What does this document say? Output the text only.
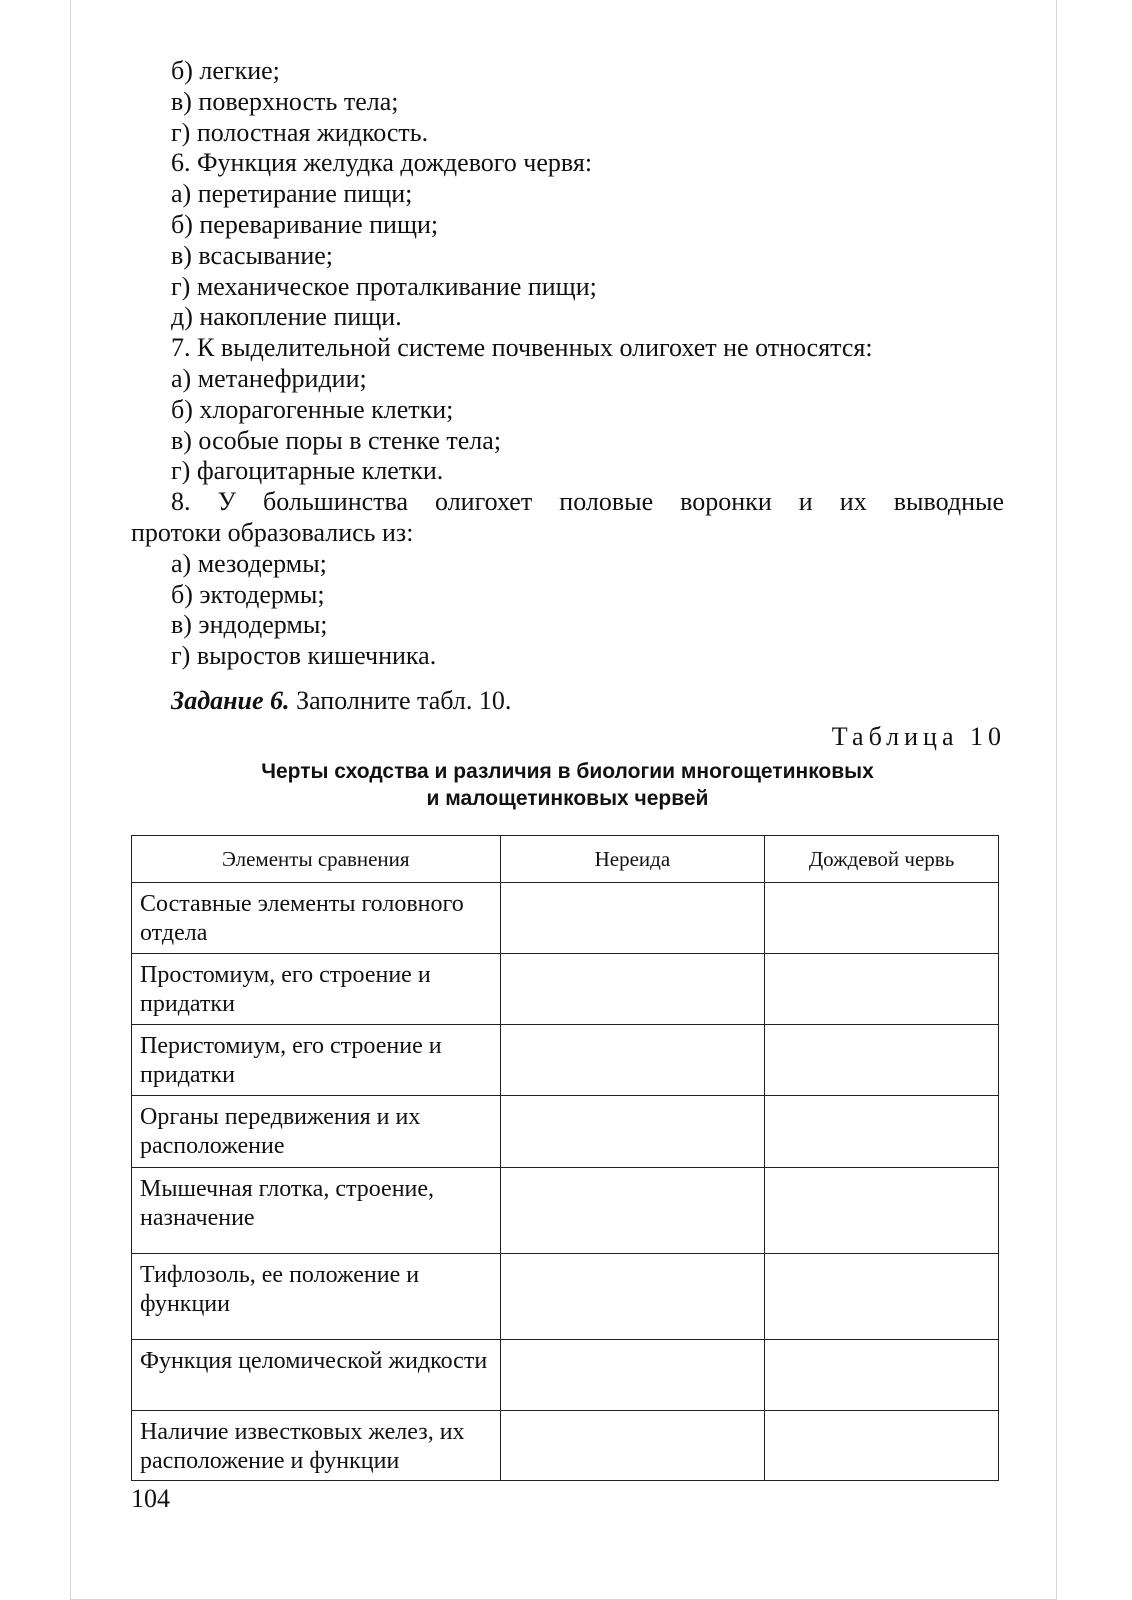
б) легкие;
в) поверхность тела;
г) полостная жидкость.
6. Функция желудка дождевого червя:
а) перетирание пищи;
б) переваривание пищи;
в) всасывание;
г) механическое проталкивание пищи;
д) накопление пищи.
7. К выделительной системе почвенных олигохет не относятся:
а) метанефридии;
б) хлорагогенные клетки;
в) особые поры в стенке тела;
г) фагоцитарные клетки.
8. У большинства олигохет половые воронки и их выводные
протоки образовались из:
а) мезодермы;
б) эктодермы;
в) эндодермы;
г) выростов кишечника.
Задание 6. Заполните табл. 10.
Таблица 10
Черты сходства и различия в биологии многощетинковых
и малощетинковых червей
Элементы сравнения	Нереида	Дождевой червь
Составные элементы головного отдела		
Простомиум, его строение и придатки		
Перистомиум, его строение и придатки		
Органы передвижения и их расположение		
Мышечная глотка, строение, назначение		
Тифлозоль, ее положение и функции		
Функция целомической жидкости		
Наличие известковых желез, их расположение и функции		
104
